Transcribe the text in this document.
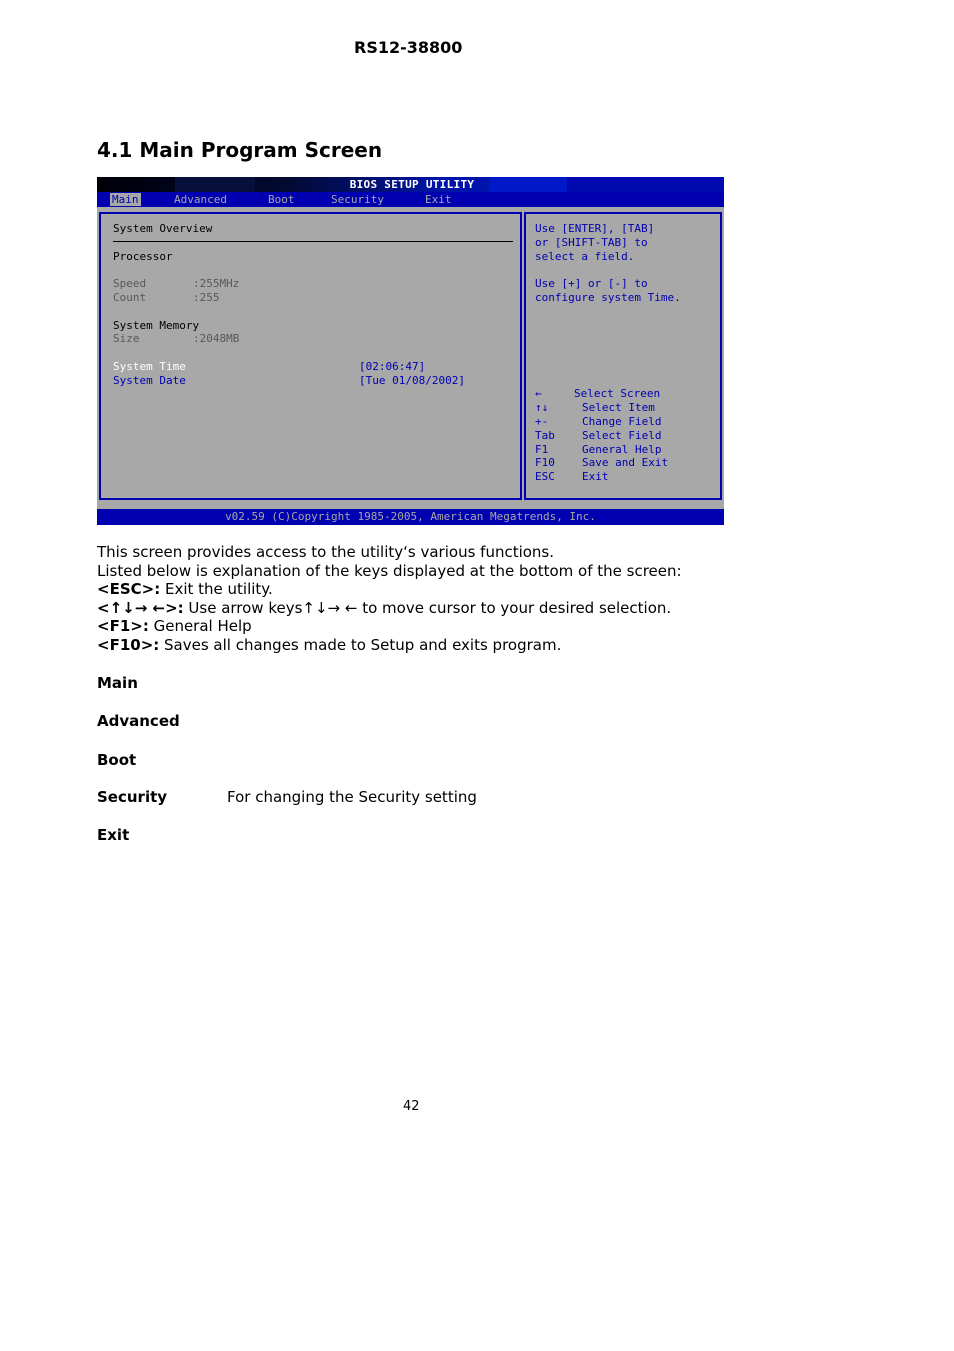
RS12-38800
4.1 Main Program Screen
BIOS SETUP UTILITY
Main	Advanced	Boot	Security	Exit
System Overview
Processor
Speed	:255MHz
Count	:255
System Memory
Size	:2048MB
System Time	[02:06:47]
System Date	[Tue 01/08/2002]
Use [ENTER], [TAB]
or [SHIFT-TAB] to
select a field.
Use [+] or [-] to
configure system Time.
←	Select Screen
↑↓	Select Item
+-	Change Field
Tab Select Field
F1	General Help
F10 Save and Exit
ESC Exit
v02.59 (C)Copyright 1985-2005, American Megatrends, Inc.

This screen provides access to the utility‘s various functions.

Listed below is explanation of the keys displayed at the bottom of the screen:

<ESC>: Exit the utility.

<↑↓→ ←>: Use arrow keys↑↓→ ← to move cursor to your desired selection.

<F1>: General Help

<F10>: Saves all changes made to Setup and exits program.

Main
Advanced
Boot
Security	For changing the Security setting
Exit
42
